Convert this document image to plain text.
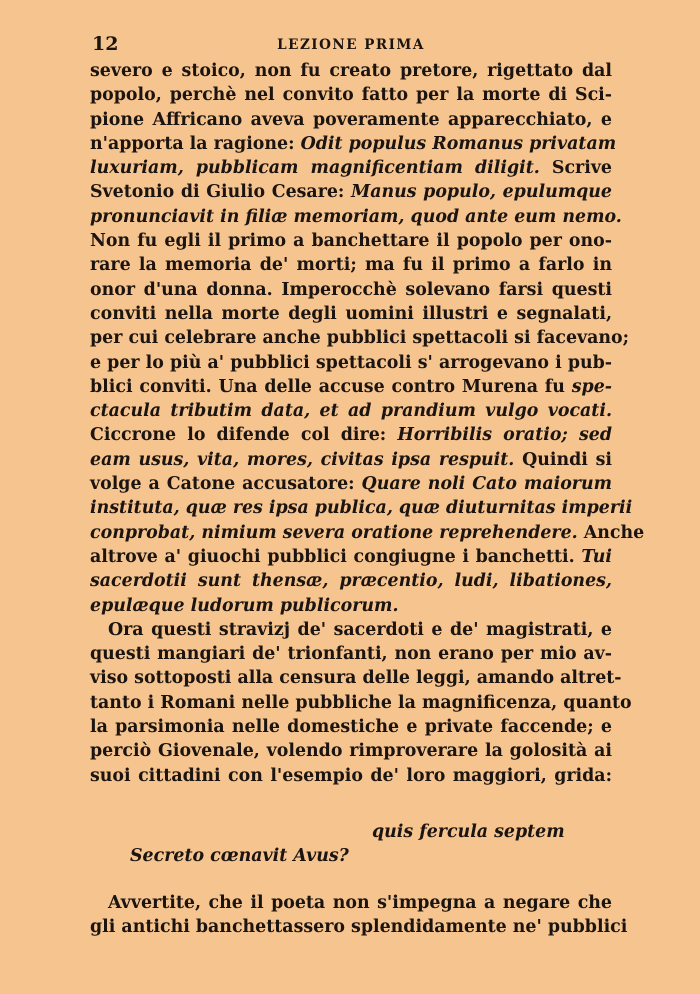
12	LEZIONE PRIMA
severo e stoico, non fu creato pretore, rigettato dal
popolo, perchè nel convito fatto per la morte di Sci-
pione Affricano aveva poveramente apparecchiato, e
n'apporta la ragione: Odit populus Romanus privatam
luxuriam, pubblicam magnificentiam diligit. Scrive
Svetonio di Giulio Cesare: Manus populo, epulumque
pronunciavit in filiæ memoriam, quod ante eum nemo.
Non fu egli il primo a banchettare il popolo per ono-
rare la memoria de' morti; ma fu il primo a farlo in
onor d'una donna. Imperocchè solevano farsi questi
conviti nella morte degli uomini illustri e segnalati,
per cui celebrare anche pubblici spettacoli si facevano;
e per lo più a' pubblici spettacoli s' arrogevano i pub-
blici conviti. Una delle accuse contro Murena fu spe-
ctacula tributim data, et ad prandium vulgo vocati.
Ciccrone lo difende col dire: Horribilis oratio; sed
eam usus, vita, mores, civitas ipsa respuit. Quindi si
volge a Catone accusatore: Quare noli Cato maiorum
instituta, quæ res ipsa publica, quæ diuturnitas imperii
conprobat, nimium severa oratione reprehendere. Anche
altrove a' giuochi pubblici congiugne i banchetti. Tui
sacerdotii sunt thensæ, præcentio, ludi, libationes,
epulæque ludorum publicorum.
Ora questi stravizj de' sacerdoti e de' magistrati, e
questi mangiari de' trionfanti, non erano per mio av-
viso sottoposti alla censura delle leggi, amando altret-
tanto i Romani nelle pubbliche la magnificenza, quanto
la parsimonia nelle domestiche e private faccende; e
perciò Giovenale, volendo rimproverare la golosità ai
suoi cittadini con l'esempio de' loro maggiori, grida:
quis fercula septem
Secreto cœnavit Avus?
Avvertite, che il poeta non s'impegna a negare che
gli antichi banchettassero splendidamente ne' pubblici
